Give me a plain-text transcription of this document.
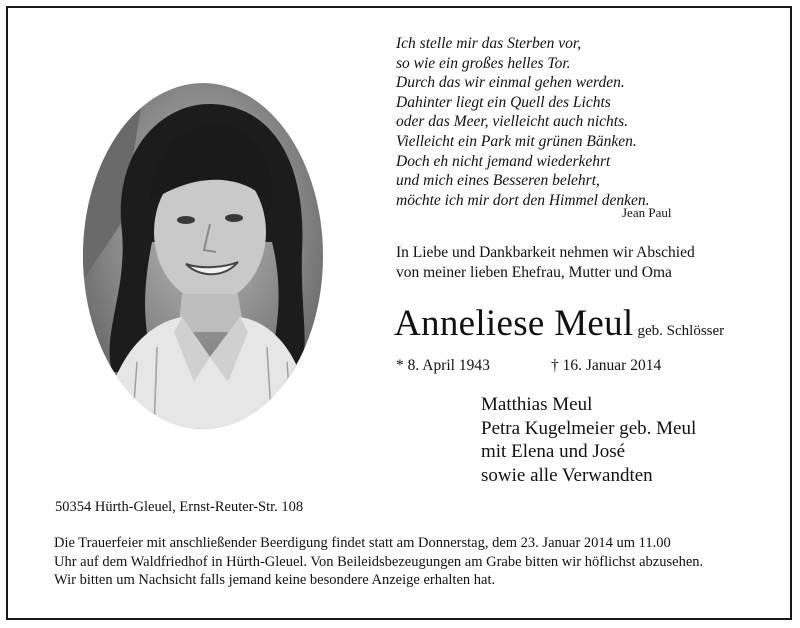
Ich stelle mir das Sterben vor,
so wie ein großes helles Tor.
Durch das wir einmal gehen werden.
Dahinter liegt ein Quell des Lichts
oder das Meer, vielleicht auch nichts.
Vielleicht ein Park mit grünen Bänken.
Doch eh nicht jemand wiederkehrt
und mich eines Besseren belehrt,
möchte ich mir dort den Himmel denken.
Jean Paul
In Liebe und Dankbarkeit nehmen wir Abschied
von meiner lieben Ehefrau, Mutter und Oma
Anneliese Meul geb. Schlösser
* 8. April 1943	† 16. Januar 2014
Matthias Meul
Petra Kugelmeier geb. Meul
mit Elena und José
sowie alle Verwandten
50354 Hürth-Gleuel, Ernst-Reuter-Str. 108
Die Trauerfeier mit anschließender Beerdigung findet statt am Donnerstag, dem 23. Januar 2014 um 11.00
Uhr auf dem Waldfriedhof in Hürth-Gleuel. Von Beileidsbezeugungen am Grabe bitten wir höflichst abzusehen.
Wir bitten um Nachsicht falls jemand keine besondere Anzeige erhalten hat.
